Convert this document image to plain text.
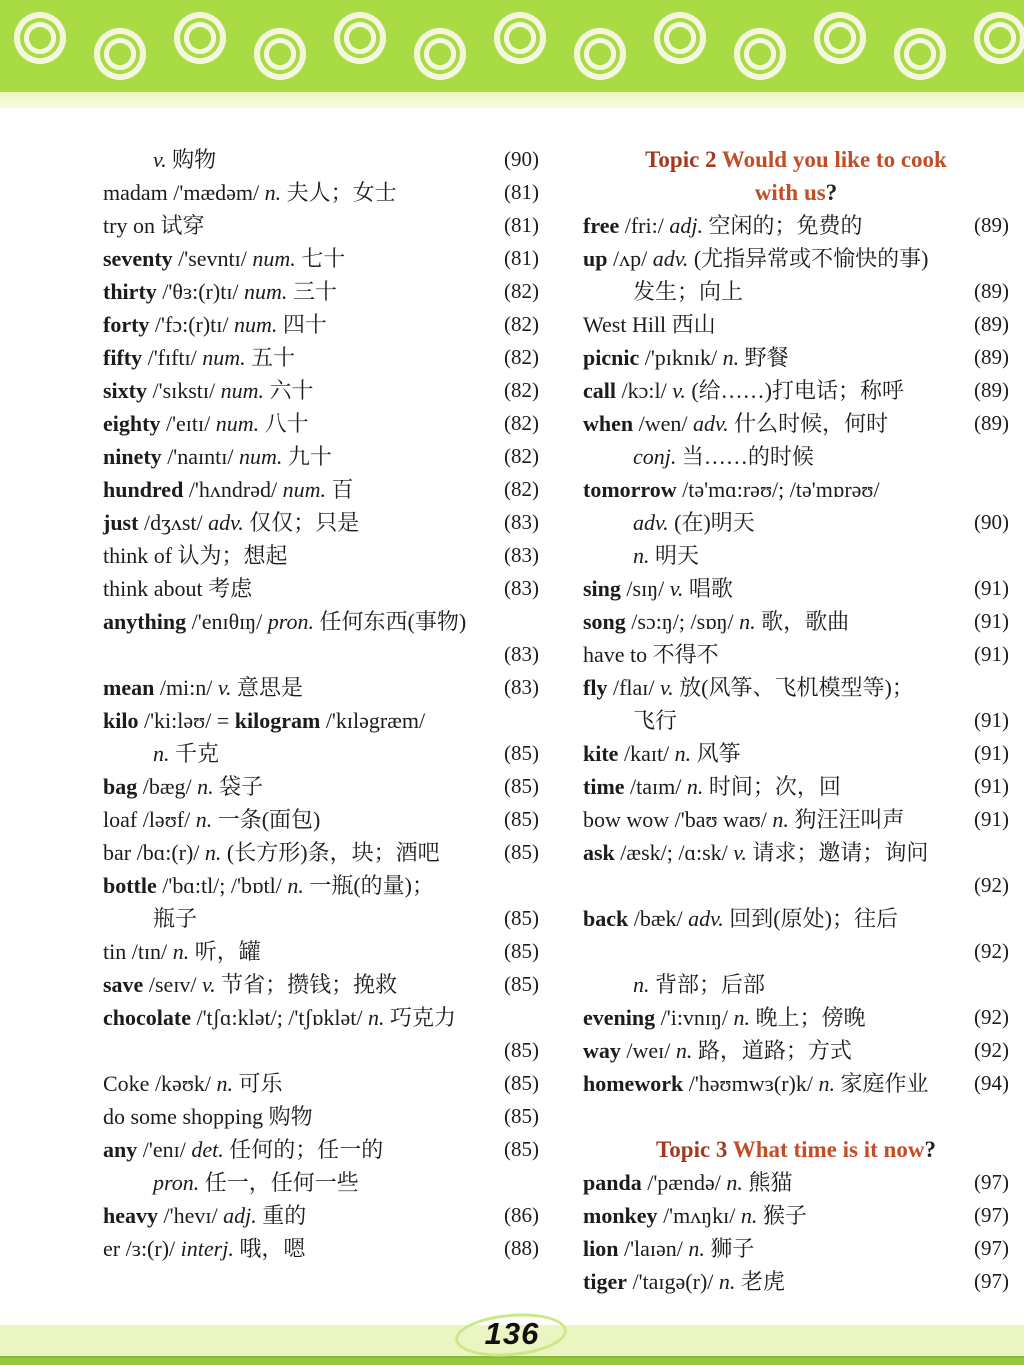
v. 购物	(90)
madam /'mædəm/ n. 夫人；女士	(81)
try on 试穿	(81)
seventy /'sevntɪ/ num. 七十	(81)
thirty /'θɜ:(r)tɪ/ num. 三十	(82)
forty /'fɔ:(r)tɪ/ num. 四十	(82)
fifty /'fɪftɪ/ num. 五十	(82)
sixty /'sɪkstɪ/ num. 六十	(82)
eighty /'eɪtɪ/ num. 八十	(82)
ninety /'naɪntɪ/ num. 九十	(82)
hundred /'hʌndrəd/ num. 百	(82)
just /dʒʌst/ adv. 仅仅；只是	(83)
think of 认为；想起	(83)
think about 考虑	(83)
anything /'enɪθɪŋ/ pron. 任何东西(事物)
(83)
mean /mi:n/ v. 意思是	(83)
kilo /'ki:ləʊ/ = kilogram /'kɪləgræm/
n. 千克	(85)
bag /bæg/ n. 袋子	(85)
loaf /ləʊf/ n. 一条(面包)	(85)
bar /bɑ:(r)/ n. (长方形)条，块；酒吧	(85)
bottle /'bɑ:tl/; /'bɒtl/ n. 一瓶(的量)；
瓶子	(85)
tin /tɪn/ n. 听，罐	(85)
save /seɪv/ v. 节省；攒钱；挽救	(85)
chocolate /'tʃɑ:klət/; /'tʃɒklət/ n. 巧克力
(85)
Coke /kəʊk/ n. 可乐	(85)
do some shopping 购物	(85)
any /'enɪ/ det. 任何的；任一的	(85)
pron. 任一，任何一些
heavy /'hevɪ/ adj. 重的	(86)
er /ɜ:(r)/ interj. 哦，嗯	(88)
Topic 2 Would you like to cook
with us?
free /fri:/ adj. 空闲的；免费的	(89)
up /ʌp/ adv. (尤指异常或不愉快的事)
发生；向上	(89)
West Hill 西山	(89)
picnic /'pɪknɪk/ n. 野餐	(89)
call /kɔ:l/ v. (给……)打电话；称呼	(89)
when /wen/ adv. 什么时候，何时	(89)
conj. 当……的时候
tomorrow /tə'mɑ:rəʊ/; /tə'mɒrəʊ/
adv. (在)明天	(90)
n. 明天
sing /sɪŋ/ v. 唱歌	(91)
song /sɔ:ŋ/; /sɒŋ/ n. 歌，歌曲	(91)
have to 不得不	(91)
fly /flaɪ/ v. 放(风筝、飞机模型等)；
飞行	(91)
kite /kaɪt/ n. 风筝	(91)
time /taɪm/ n. 时间；次，回	(91)
bow wow /'baʊ waʊ/ n. 狗汪汪叫声	(91)
ask /æsk/; /ɑ:sk/ v. 请求；邀请；询问
(92)
back /bæk/ adv. 回到(原处)；往后
(92)
n. 背部；后部
evening /'i:vnɪŋ/ n. 晚上；傍晚	(92)
way /weɪ/ n. 路，道路；方式	(92)
homework /'həʊmwɜ(r)k/ n. 家庭作业	(94)
Topic 3 What time is it now?
panda /'pændə/ n. 熊猫	(97)
monkey /'mʌŋkɪ/ n. 猴子	(97)
lion /'laɪən/ n. 狮子	(97)
tiger /'taɪgə(r)/ n. 老虎	(97)
136
